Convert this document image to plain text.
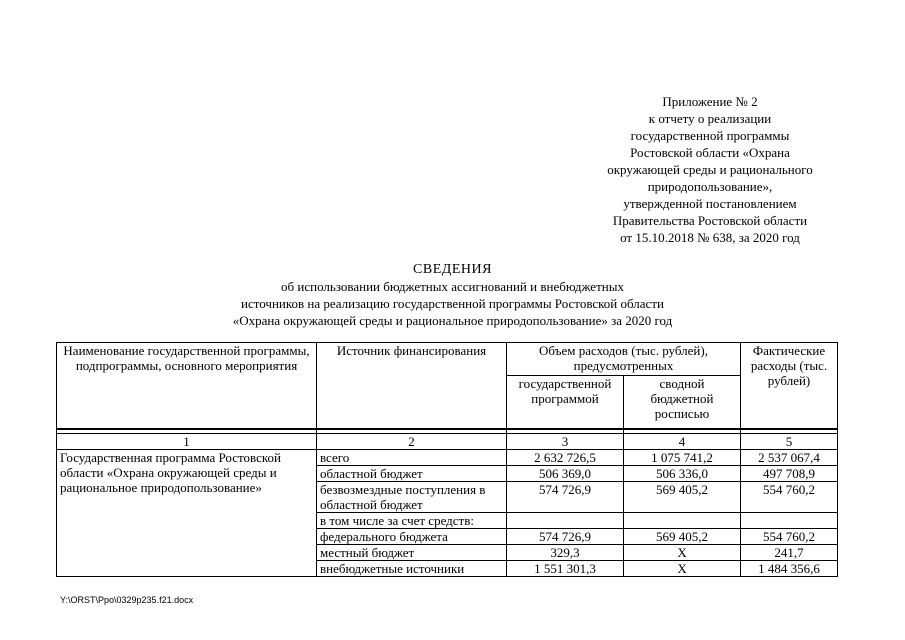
Приложение № 2
к отчету о реализации
государственной программы
Ростовской области «Охрана
окружающей среды и рационального
природопользование»,
утвержденной постановлением
Правительства Ростовской области
от 15.10.2018 № 638, за 2020 год
СВЕДЕНИЯ
об использовании бюджетных ассигнований и внебюджетных
источников на реализацию государственной программы Ростовской области
«Охрана окружающей среды и рациональное природопользование» за 2020 год
Наименование государственной программы, подпрограммы, основного мероприятия	Источник финансирования	Объем расходов (тыс. рублей), предусмотренных		Фактические расходы (тыс. рублей)
		государственной программой	сводной бюджетной росписью	

1	2	3	4	5
Государственная программа Ростовской области «Охрана окружающей среды и рациональное природопользование»	всего	2 632 726,5	1 075 741,2	2 537 067,4
	областной бюджет	506 369,0	506 336,0	497 708,9
	безвозмездные поступления в областной бюджет	574 726,9	569 405,2	554 760,2
	в том числе за счет средств:			
	федерального бюджета	574 726,9	569 405,2	554 760,2
	местный бюджет	329,3	Х	241,7
	внебюджетные источники	1 551 301,3	Х	1 484 356,6
Y:\ORST\Ppo\0329p235.f21.docx
